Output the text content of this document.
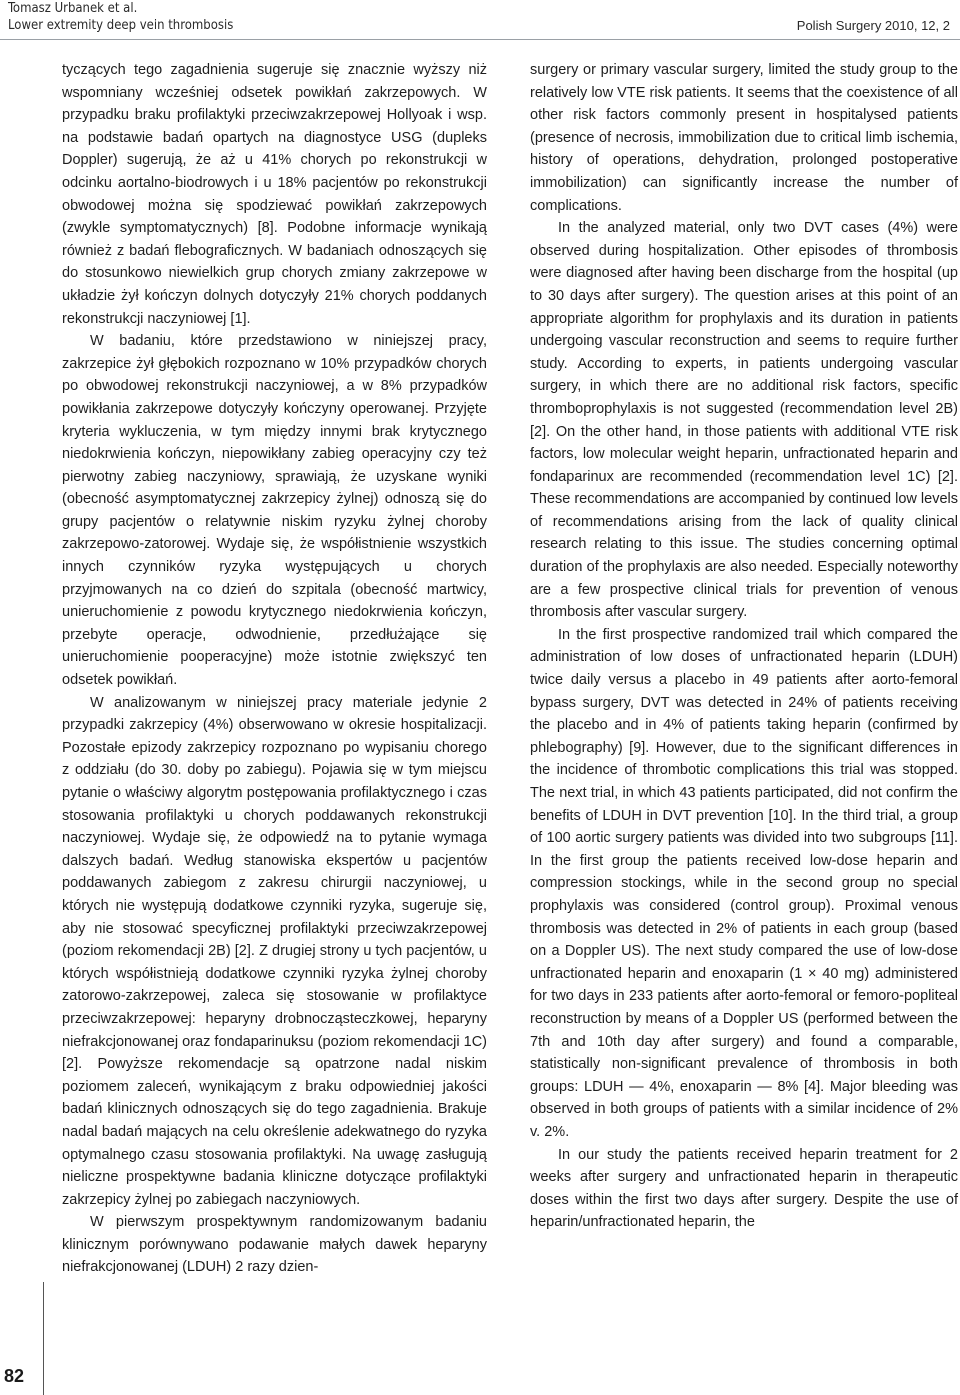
Tomasz Urbanek et al.
Lower extremity deep vein thrombosis	Polish Surgery 2010, 12, 2

tyczących tego zagadnienia sugeruje się znacznie wyższy niż wspomniany wcześniej odsetek powikłań zakrzepowych. W przypadku braku profilaktyki przeciwzakrzepowej Hollyoak i wsp. na podstawie badań opartych na diagnostyce USG (dupleks Doppler) sugerują, że aż u 41% chorych po rekonstrukcji w odcinku aortalno-biodrowych i u 18% pacjentów po rekonstrukcji obwodowej można się spodziewać powikłań zakrzepowych (zwykle symptomatycznych) [8]. Podobne informacje wynikają również z badań flebograficznych. W badaniach odnoszących się do stosunkowo niewielkich grup chorych zmiany zakrzepowe w układzie żył kończyn dolnych dotyczyły 21% chorych poddanych rekonstrukcji naczyniowej [1].

W badaniu, które przedstawiono w niniejszej pracy, zakrzepice żył głębokich rozpoznano w 10% przypadków chorych po obwodowej rekonstrukcji naczyniowej, a w 8% przypadków powikłania zakrzepowe dotyczyły kończyny operowanej. Przyjęte kryteria wykluczenia, w tym między innymi brak krytycznego niedokrwienia kończyn, niepowikłany zabieg operacyjny czy też pierwotny zabieg naczyniowy, sprawiają, że uzyskane wyniki (obecność asymptomatycznej zakrzepicy żylnej) odnoszą się do grupy pacjentów o relatywnie niskim ryzyku żylnej choroby zakrzepowo-zatorowej. Wydaje się, że współistnienie wszystkich innych czynników ryzyka występujących u chorych przyjmowanych na co dzień do szpitala (obecność martwicy, unieruchomienie z powodu krytycznego niedokrwienia kończyn, przebyte operacje, odwodnienie, przedłużające się unieruchomienie pooperacyjne) może istotnie zwiększyć ten odsetek powikłań.

W analizowanym w niniejszej pracy materiale jedynie 2 przypadki zakrzepicy (4%) obserwowano w okresie hospitalizacji. Pozostałe epizody zakrzepicy rozpoznano po wypisaniu chorego z oddziału (do 30. doby po zabiegu). Pojawia się w tym miejscu pytanie o właściwy algorytm postępowania profilaktycznego i czas stosowania profilaktyki u chorych poddawanych rekonstrukcji naczyniowej. Wydaje się, że odpowiedź na to pytanie wymaga dalszych badań. Według stanowiska ekspertów u pacjentów poddawanych zabiegom z zakresu chirurgii naczyniowej, u których nie występują dodatkowe czynniki ryzyka, sugeruje się, aby nie stosować specyficznej profilaktyki przeciwzakrzepowej (poziom rekomendacji 2B) [2]. Z drugiej strony u tych pacjentów, u których współistnieją dodatkowe czynniki ryzyka żylnej choroby zatorowo-zakrzepowej, zaleca się stosowanie w profilaktyce przeciwzakrzepowej: heparyny drobnocząsteczkowej, heparyny niefrakcjonowanej oraz fondaparinuksu (poziom rekomendacji 1C) [2]. Powyższe rekomendacje są opatrzone nadal niskim poziomem zaleceń, wynikającym z braku odpowiedniej jakości badań klinicznych odnoszących się do tego zagadnienia. Brakuje nadal badań mających na celu określenie adekwatnego do ryzyka optymalnego czasu stosowania profilaktyki. Na uwagę zasługują nieliczne prospektywne badania kliniczne dotyczące profilaktyki zakrzepicy żylnej po zabiegach naczyniowych.

W pierwszym prospektywnym randomizowanym badaniu klinicznym porównywano podawanie małych dawek heparyny niefrakcjonowanej (LDUH) 2 razy dzien-

surgery or primary vascular surgery, limited the study group to the relatively low VTE risk patients. It seems that the coexistence of all other risk factors commonly present in hospitalysed patients (presence of necrosis, immobilization due to critical limb ischemia, history of operations, dehydration, prolonged postoperative immobilization) can significantly increase the number of complications.

In the analyzed material, only two DVT cases (4%) were observed during hospitalization. Other episodes of thrombosis were diagnosed after having been discharge from the hospital (up to 30 days after surgery). The question arises at this point of an appropriate algorithm for prophylaxis and its duration in patients undergoing vascular reconstruction and seems to require further study. According to experts, in patients undergoing vascular surgery, in which there are no additional risk factors, specific thromboprophylaxis is not suggested (recommendation level 2B) [2]. On the other hand, in those patients with additional VTE risk factors, low molecular weight heparin, unfractionated heparin and fondaparinux are recommended (recommendation level 1C) [2]. These recommendations are accompanied by continued low levels of recommendations arising from the lack of quality clinical research relating to this issue. The studies concerning optimal duration of the prophylaxis are also needed. Especially noteworthy are a few prospective clinical trials for prevention of venous thrombosis after vascular surgery.

In the first prospective randomized trail which compared the administration of low doses of unfractionated heparin (LDUH) twice daily versus a placebo in 49 patients after aorto-femoral bypass surgery, DVT was detected in 24% of patients receiving the placebo and in 4% of patients taking heparin (confirmed by phlebography) [9]. However, due to the significant differences in the incidence of thrombotic complications this trial was stopped. The next trial, in which 43 patients participated, did not confirm the benefits of LDUH in DVT prevention [10]. In the third trial, a group of 100 aortic surgery patients was divided into two subgroups [11]. In the first group the patients received low-dose heparin and compression stockings, while in the second group no special prophylaxis was considered (control group). Proximal venous thrombosis was detected in 2% of patients in each group (based on a Doppler US). The next study compared the use of low-dose unfractionated heparin and enoxaparin (1 × 40 mg) administered for two days in 233 patients after aorto-femoral or femoro-popliteal reconstruction by means of a Doppler US (performed between the 7th and 10th day after surgery) and found a comparable, statistically non-significant prevalence of thrombosis in both groups: LDUH — 4%, enoxaparin — 8% [4]. Major bleeding was observed in both groups of patients with a similar incidence of 2% v. 2%.

In our study the patients received heparin treatment for 2 weeks after surgery and unfractionated heparin in therapeutic doses within the first two days after surgery. Despite the use of heparin/unfractionated heparin, the

82
